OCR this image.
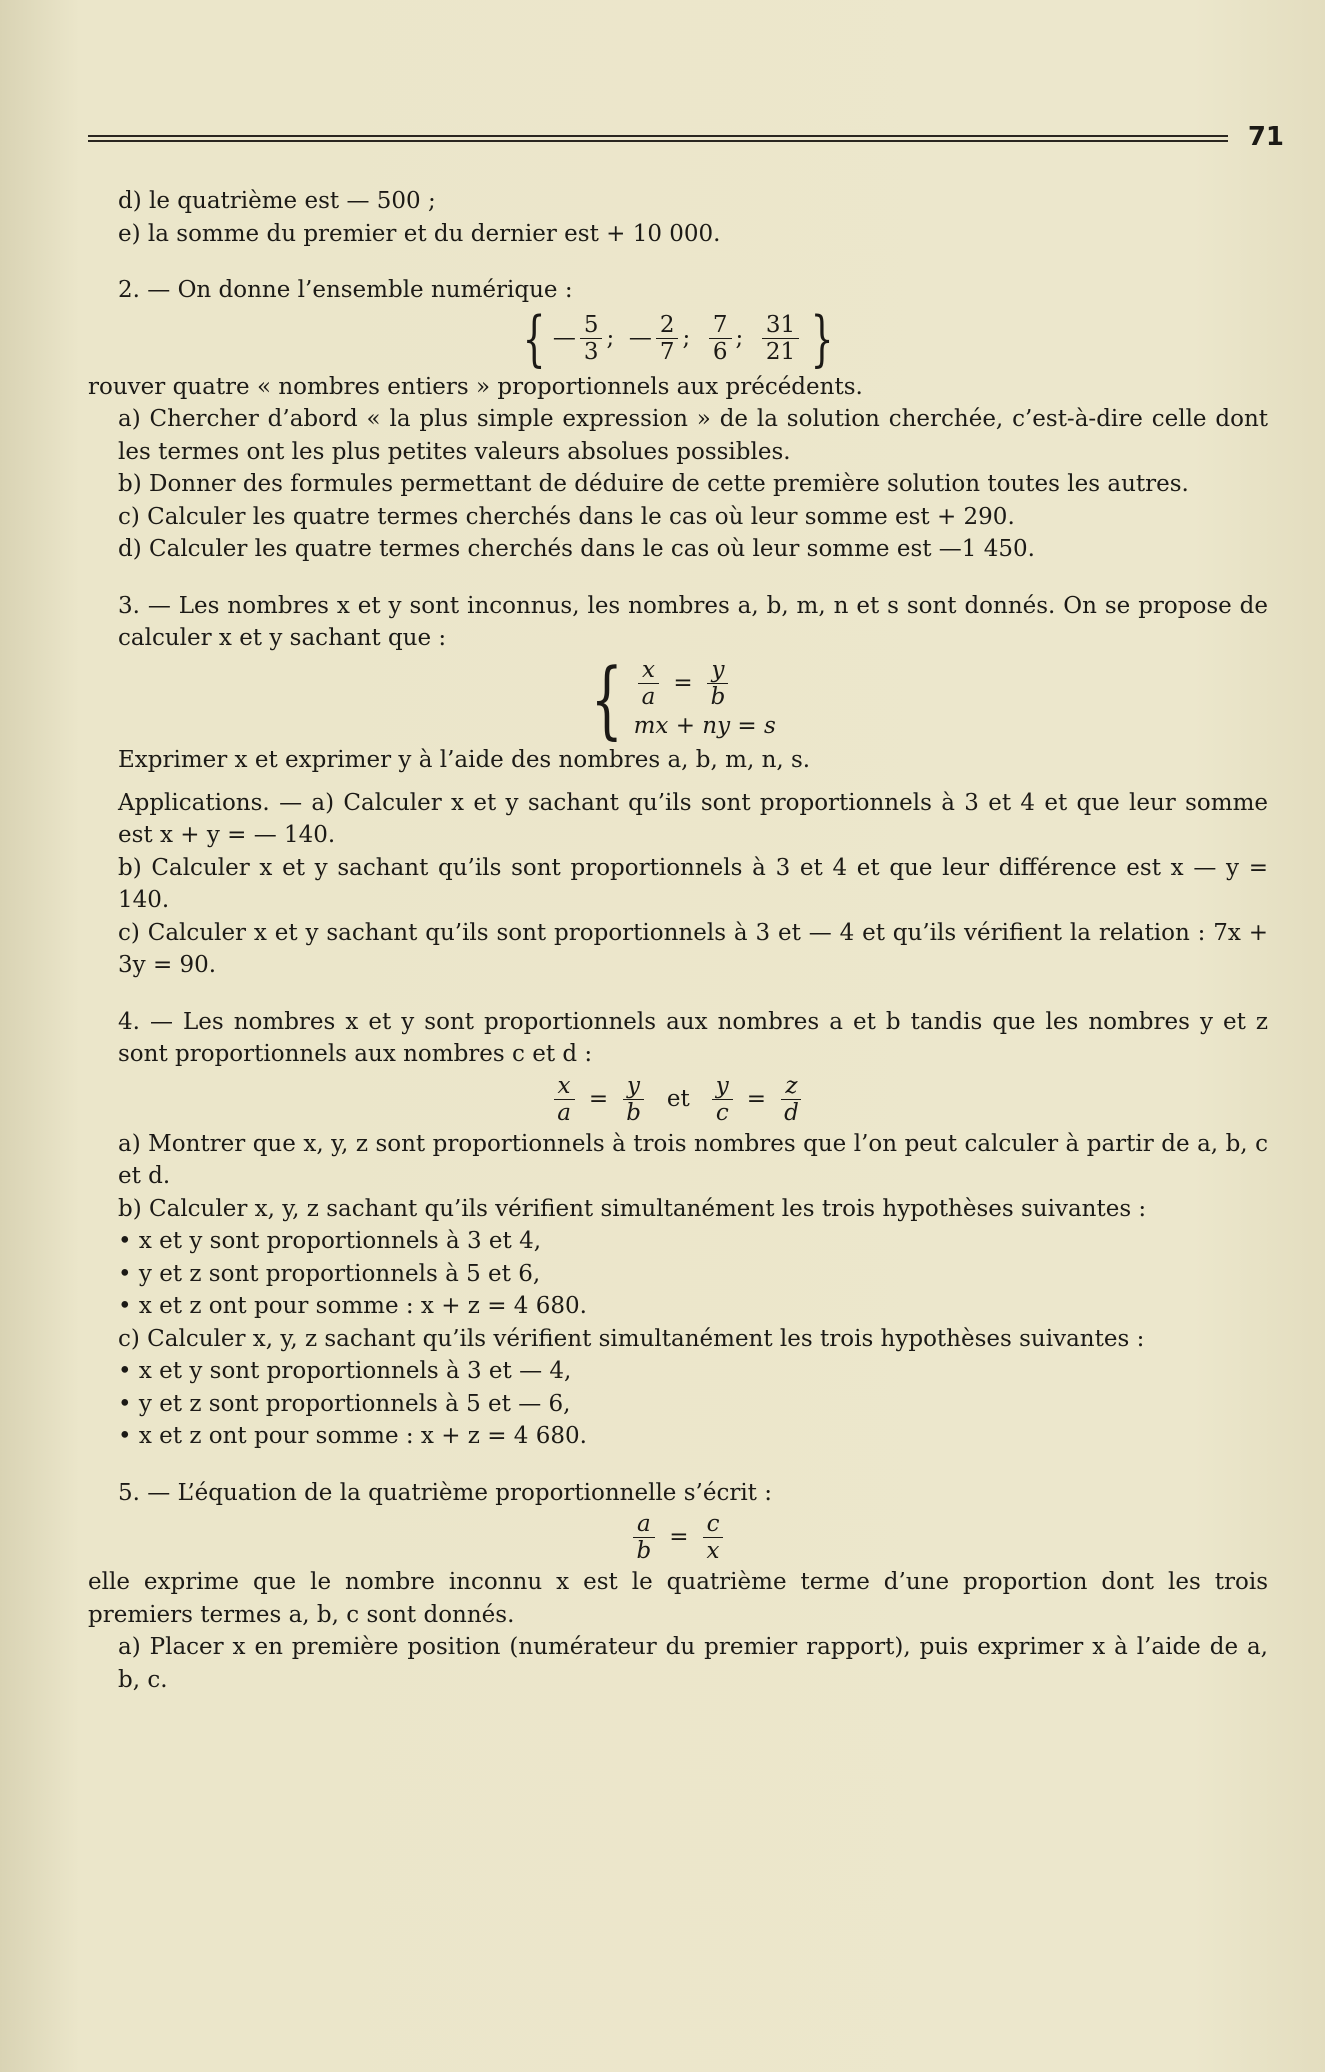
71

d) le quatrième est — 500 ;

e) la somme du premier et du dernier est + 10 000.

2. — On donne l’ensemble numérique :

{ — $\frac{5}{3}$ ; — $\frac{2}{7}$ ; $\frac{7}{6}$ ; $\frac{31}{21}$ }

rouver quatre « nombres entiers » proportionnels aux précédents.

a) Chercher d’abord « la plus simple expression » de la solution cherchée, c’est-à-dire celle dont les termes ont les plus petites valeurs absolues possibles.

b) Donner des formules permettant de déduire de cette première solution toutes les autres.

c) Calculer les quatre termes cherchés dans le cas où leur somme est + 290.

d) Calculer les quatre termes cherchés dans le cas où leur somme est —1 450.

3. — Les nombres x et y sont inconnus, les nombres a, b, m, n et s sont donnés. On se propose de calculer x et y sachant que :

{ $\frac{x}{a} = \frac{y}{b}$
mx + ny = s

Exprimer x et exprimer y à l’aide des nombres a, b, m, n, s.

Applications. — a) Calculer x et y sachant qu’ils sont proportionnels à 3 et 4 et que leur somme est x + y = — 140.

b) Calculer x et y sachant qu’ils sont proportionnels à 3 et 4 et que leur différence est x — y = 140.

c) Calculer x et y sachant qu’ils sont proportionnels à 3 et — 4 et qu’ils vérifient la relation : 7x + 3y = 90.

4. — Les nombres x et y sont proportionnels aux nombres a et b tandis que les nombres y et z sont proportionnels aux nombres c et d :

$\frac{x}{a} = \frac{y}{b}$ et $\frac{y}{c} = \frac{z}{d}$

a) Montrer que x, y, z sont proportionnels à trois nombres que l’on peut calculer à partir de a, b, c et d.

b) Calculer x, y, z sachant qu’ils vérifient simultanément les trois hypothèses suivantes :

• x et y sont proportionnels à 3 et 4,

• y et z sont proportionnels à 5 et 6,

• x et z ont pour somme : x + z = 4 680.

c) Calculer x, y, z sachant qu’ils vérifient simultanément les trois hypothèses suivantes :

• x et y sont proportionnels à 3 et — 4,

• y et z sont proportionnels à 5 et — 6,

• x et z ont pour somme : x + z = 4 680.

5. — L’équation de la quatrième proportionnelle s’écrit :

$\frac{a}{b} = \frac{c}{x}$

elle exprime que le nombre inconnu x est le quatrième terme d’une proportion dont les trois premiers termes a, b, c sont donnés.

a) Placer x en première position (numérateur du premier rapport), puis exprimer x à l’aide de a, b, c.
